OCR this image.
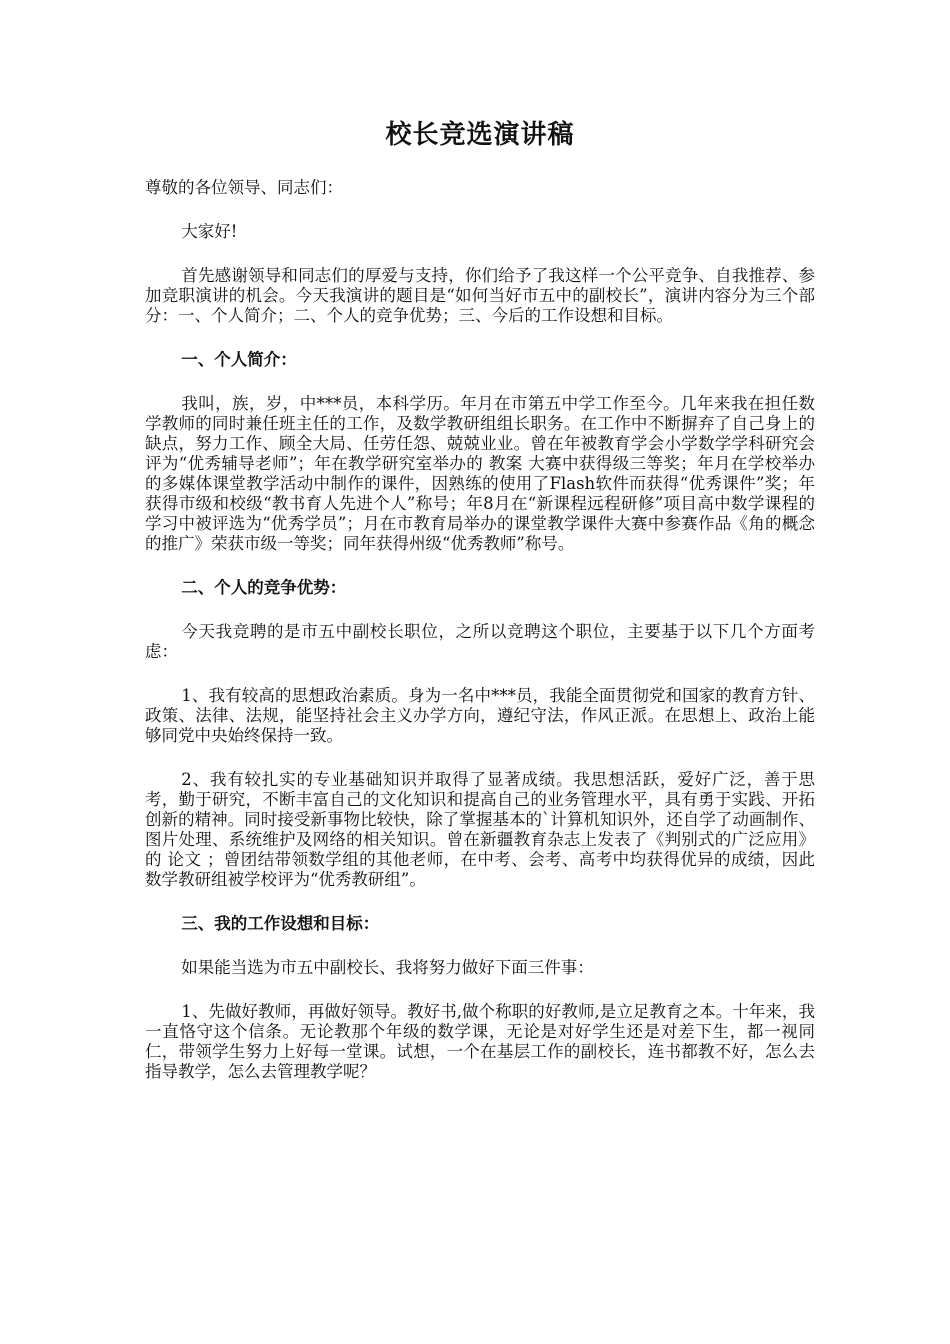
校长竞选演讲稿

尊敬的各位领导、同志们：

大家好!

首先感谢领导和同志们的厚爱与支持，你们给予了我这样一个公平竞争、自我推荐、参加竞职演讲的机会。今天我演讲的题目是“如何当好市五中的副校长”，演讲内容分为三个部分：一、个人简介；二、个人的竞争优势；三、今后的工作设想和目标。

一、个人简介：

我叫，族，岁，中***员，本科学历。年月在市第五中学工作至今。几年来我在担任数学教师的同时兼任班主任的工作，及数学教研组组长职务。在工作中不断摒弃了自己身上的缺点，努力工作、顾全大局、任劳任怨、兢兢业业。曾在年被教育学会小学数学学科研究会评为“优秀辅导老师”；年在教学研究室举办的 教案 大赛中获得级三等奖；年月在学校举办的多媒体课堂教学活动中制作的课件，因熟练的使用了Flash软件而获得“优秀课件”奖；年获得市级和校级“教书育人先进个人”称号；年8月在“新课程远程研修”项目高中数学课程的学习中被评选为“优秀学员”；月在市教育局举办的课堂教学课件大赛中参赛作品《角的概念的推广》荣获市级一等奖；同年获得州级“优秀教师”称号。

二、个人的竞争优势：

今天我竞聘的是市五中副校长职位，之所以竞聘这个职位，主要基于以下几个方面考虑：

1、我有较高的思想政治素质。身为一名中***员，我能全面贯彻党和国家的教育方针、政策、法律、法规，能坚持社会主义办学方向，遵纪守法，作风正派。在思想上、政治上能够同党中央始终保持一致。

2、我有较扎实的专业基础知识并取得了显著成绩。我思想活跃，爱好广泛，善于思考，勤于研究，不断丰富自己的文化知识和提高自己的业务管理水平，具有勇于实践、开拓创新的精神。同时接受新事物比较快，除了掌握基本的`计算机知识外，还自学了动画制作、图片处理、系统维护及网络的相关知识。曾在新疆教育杂志上发表了《判别式的广泛应用》的 论文 ；曾团结带领数学组的其他老师，在中考、会考、高考中均获得优异的成绩，因此数学教研组被学校评为“优秀教研组”。

三、我的工作设想和目标：

如果能当选为市五中副校长、我将努力做好下面三件事：

1、先做好教师，再做好领导。教好书,做个称职的好教师,是立足教育之本。十年来，我一直恪守这个信条。无论教那个年级的数学课，无论是对好学生还是对差下生，都一视同仁，带领学生努力上好每一堂课。试想，一个在基层工作的副校长，连书都教不好，怎么去指导教学，怎么去管理教学呢？
